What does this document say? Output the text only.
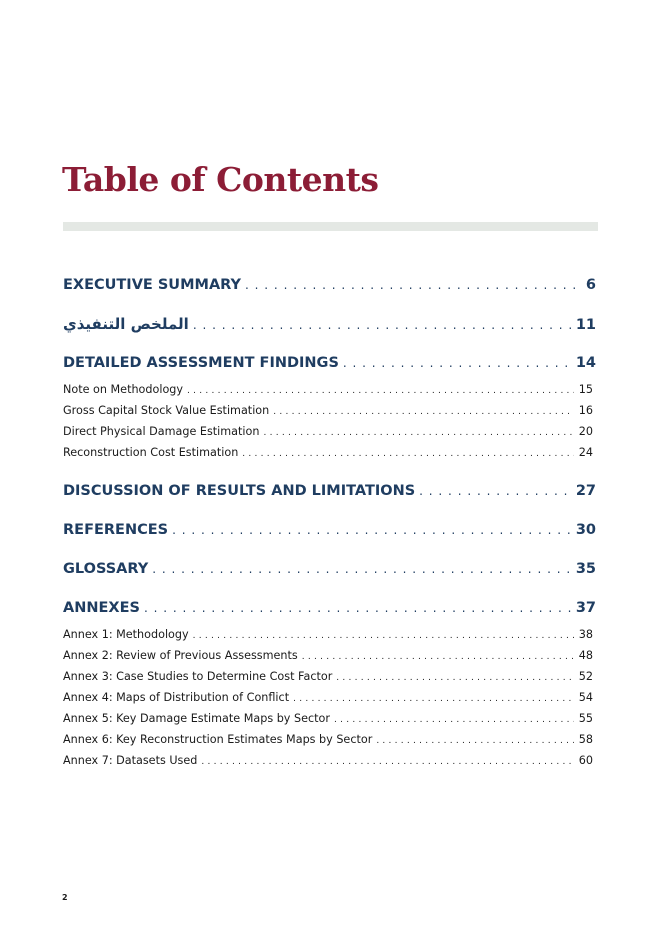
Table of Contents
EXECUTIVE SUMMARY . . .	6
الملخص التنفيذي . . .	11
DETAILED ASSESSMENT FINDINGS . . .	14
Note on Methodology . . .	15
Gross Capital Stock Value Estimation . . .	16
Direct Physical Damage Estimation . . .	20
Reconstruction Cost Estimation . . .	24
DISCUSSION OF RESULTS AND LIMITATIONS . . .	27
REFERENCES . . .	30
GLOSSARY . . .	35
ANNEXES . . .	37
Annex 1: Methodology . . .	38
Annex 2: Review of Previous Assessments . . .	48
Annex 3: Case Studies to Determine Cost Factor . . .	52
Annex 4: Maps of Distribution of Conflict . . .	54
Annex 5: Key Damage Estimate Maps by Sector . . .	55
Annex 6: Key Reconstruction Estimates Maps by Sector . . .	58
Annex 7: Datasets Used . . .	60
2
